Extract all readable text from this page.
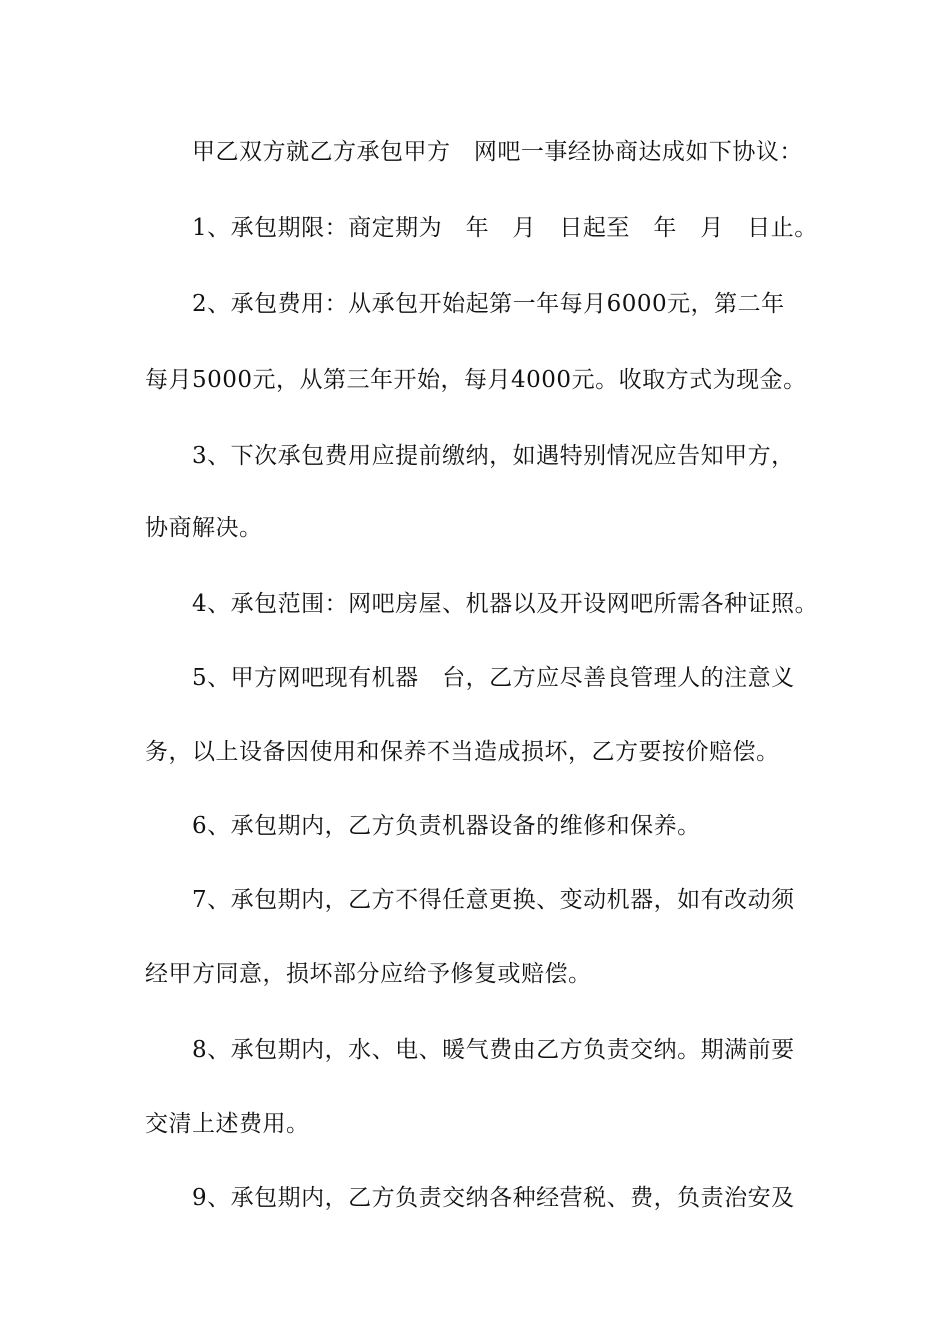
甲乙双方就乙方承包甲方   网吧一事经协商达成如下协议：
1、承包期限：商定期为   年   月   日起至   年   月   日止。
2、承包费用：从承包开始起第一年每月6000元，第二年
每月5000元，从第三年开始，每月4000元。收取方式为现金。
3、下次承包费用应提前缴纳，如遇特别情况应告知甲方，
协商解决。
4、承包范围：网吧房屋、机器以及开设网吧所需各种证照。
5、甲方网吧现有机器   台，乙方应尽善良管理人的注意义
务，以上设备因使用和保养不当造成损坏，乙方要按价赔偿。
6、承包期内，乙方负责机器设备的维修和保养。
7、承包期内，乙方不得任意更换、变动机器，如有改动须
经甲方同意，损坏部分应给予修复或赔偿。
8、承包期内，水、电、暖气费由乙方负责交纳。期满前要
交清上述费用。
9、承包期内，乙方负责交纳各种经营税、费，负责治安及
